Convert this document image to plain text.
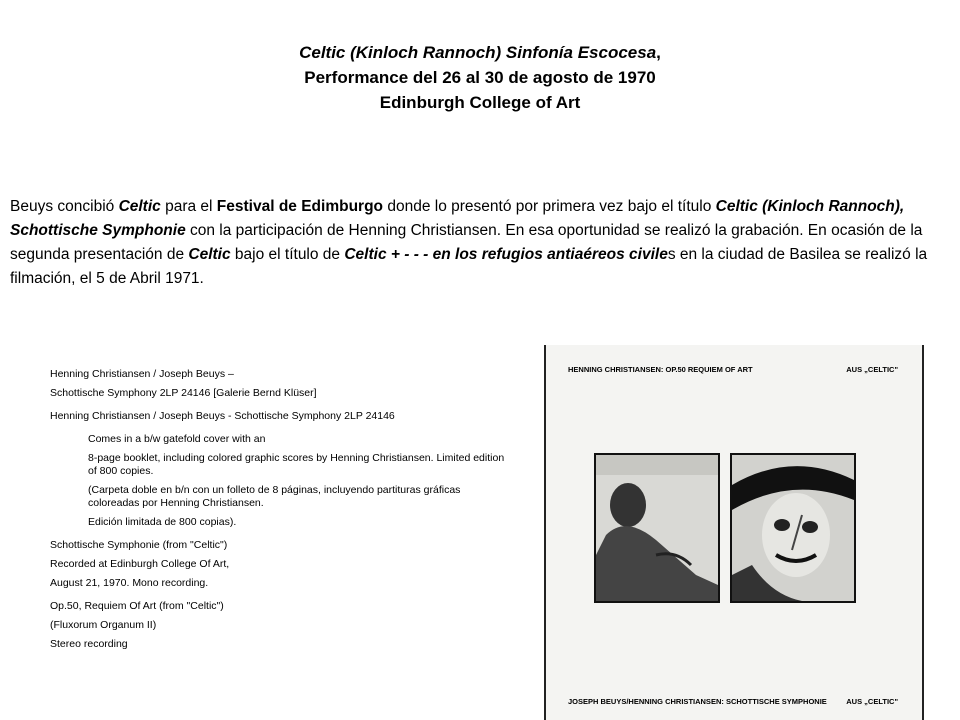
Celtic (Kinloch Rannoch) Sinfonía Escocesa,
Performance del 26 al 30 de agosto de 1970
Edinburgh College of Art
Beuys concibió Celtic para el Festival de Edimburgo donde lo presentó por primera vez bajo el título Celtic (Kinloch Rannoch), Schottische Symphonie con la participación de Henning Christiansen. En esa oportunidad se realizó la grabación. En ocasión de la segunda presentación de Celtic bajo el título de Celtic + - - - en los refugios antiaéreos civiles en la ciudad de Basilea se realizó la filmación, el 5 de Abril 1971.

Henning Christiansen / Joseph Beuys –

Schottische Symphony 2LP 24146 [Galerie Bernd Klüser]

Henning Christiansen / Joseph Beuys - Schottische Symphony 2LP 24146

Comes in a b/w gatefold cover with an

8-page booklet, including colored graphic scores by Henning Christiansen. Limited edition of 800 copies.

(Carpeta doble en b/n con un folleto de 8 páginas, incluyendo partituras gráficas coloreadas por Henning Christiansen.

Edición limitada de 800 copias).

Schottische Symphonie (from "Celtic")

Recorded at Edinburgh College Of Art,

August 21, 1970. Mono recording.

Op.50, Requiem Of Art (from "Celtic")

(Fluxorum Organum II)

Stereo recording

HENNING CHRISTIANSEN: OP.50 REQUIEM OF ART	AUS „CELTIC"
JOSEPH BEUYS/HENNING CHRISTIANSEN: SCHOTTISCHE SYMPHONIE	AUS „CELTIC"
